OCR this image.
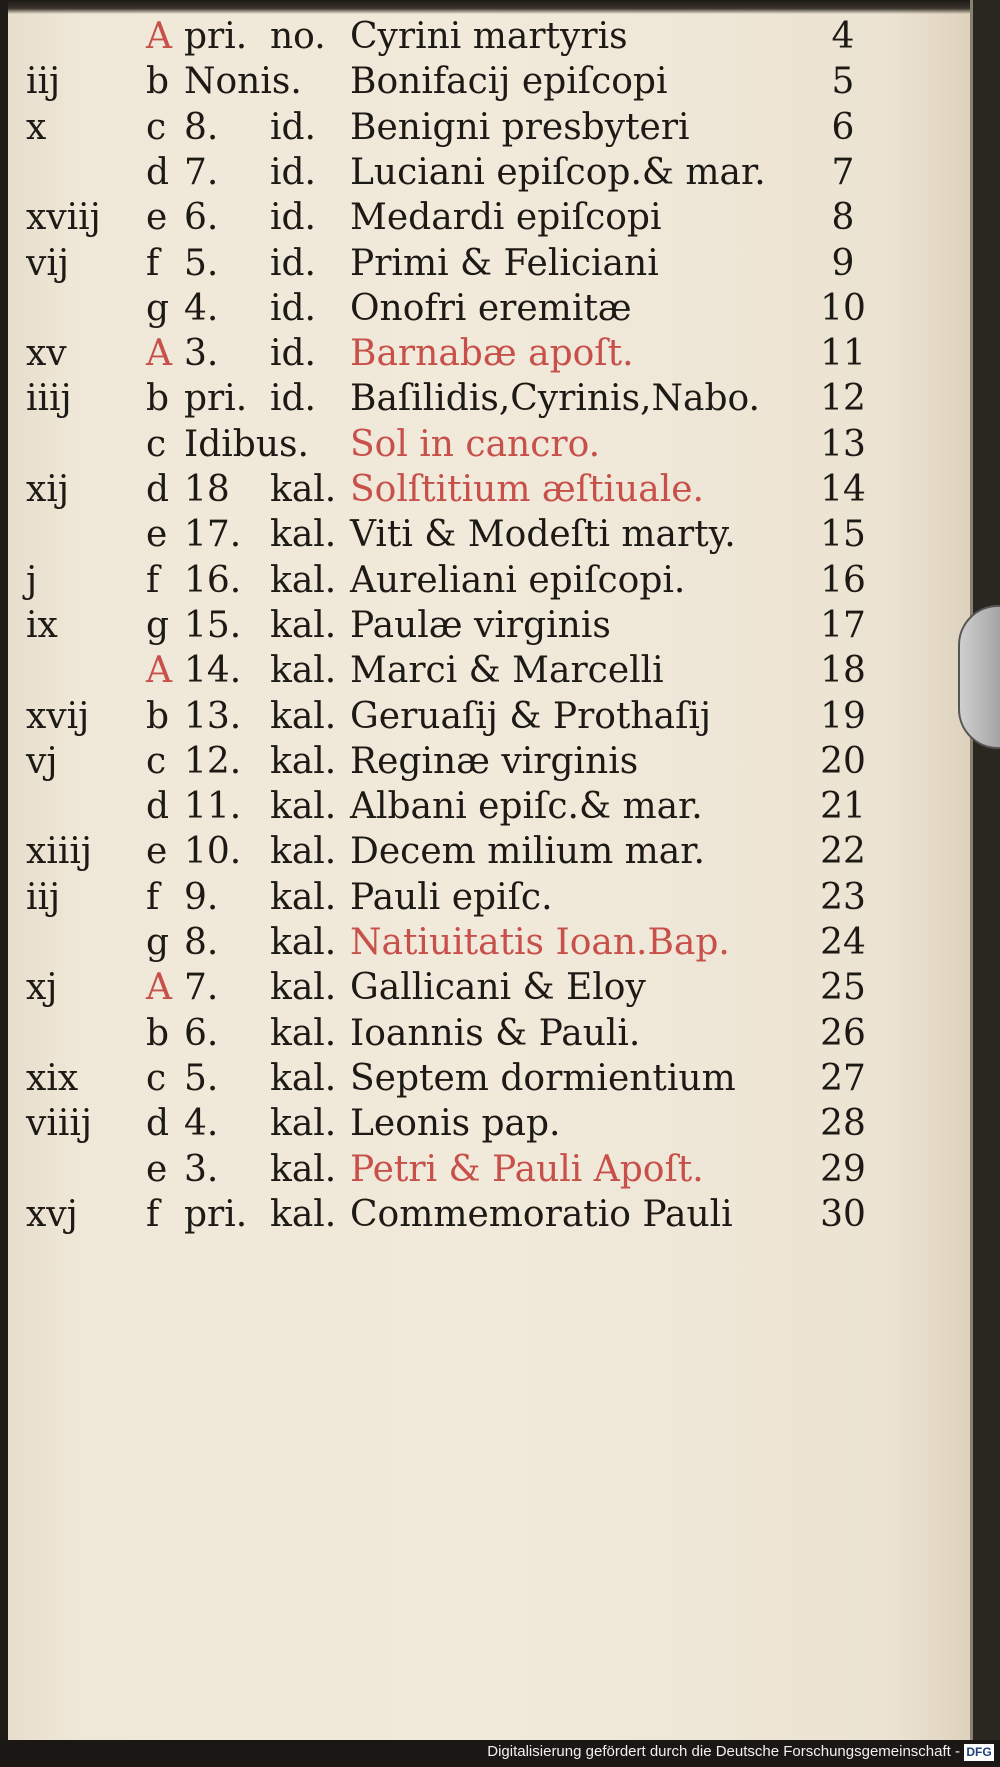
A pri. no. Cyrini martyris	4
iij b Nonis. Bonifacij epiſcopi	5
x	c 8. id. Benigni presbyteri	6
d 7. id. Luciani epiſcop.& mar.	7
xviij e 6. id. Medardi epiſcopi	8
vij f 5. id. Primi & Feliciani	9
g 4. id. Onofri eremitæ	10
xv A 3. id. Barnabæ apoſt.	11
iiij b pri. id. Baſilidis,Cyrinis,Nabo.	12
c Idibus. Sol in cancro.	13
xij d 18 kal. Solſtitium æſtiuale.	14
e 17. kal. Viti & Modeſti marty.	15
j	f 16. kal. Aureliani epiſcopi.	16
ix g 15. kal. Paulæ virginis	17
A 14. kal. Marci & Marcelli	18
xvij b 13. kal. Geruaſij & Prothaſij	19
vj c 12. kal. Reginæ virginis	20
d 11. kal. Albani epiſc.& mar.	21
xiiij e 10. kal. Decem milium mar.	22
iij f 9. kal. Pauli epiſc.	23
g 8. kal. Natiuitatis Ioan.Bap.	24
xj A 7. kal. Gallicani & Eloy	25
b 6. kal. Ioannis & Pauli.	26
xix c 5. kal. Septem dormientium	27
viiij d 4. kal. Leonis pap.	28
e 3. kal. Petri & Pauli Apoſt.	29
xvj f pri. kal. Commemoratio Pauli	30
Digitalisierung gefördert durch die Deutsche Forschungsgemeinschaft - DFG
